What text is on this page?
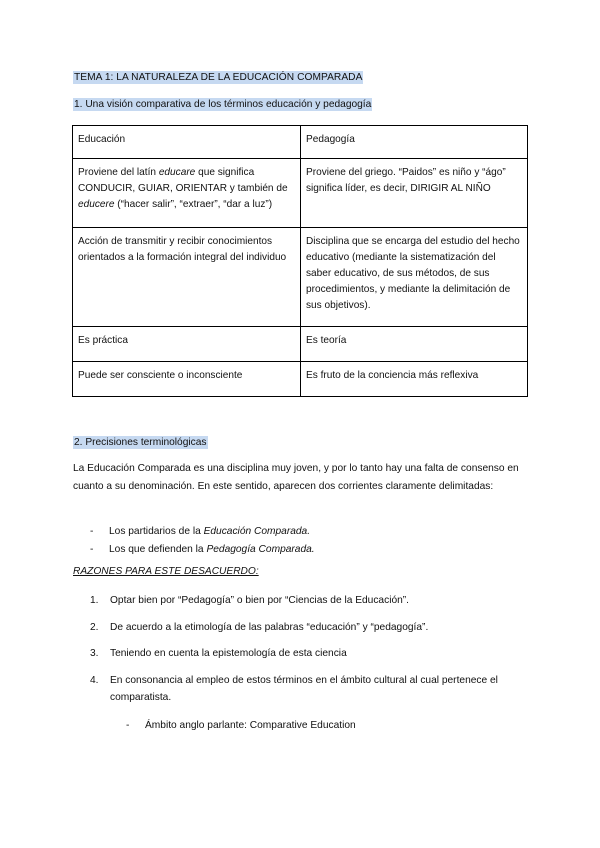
TEMA 1: LA NATURALEZA DE LA EDUCACIÓN COMPARADA
1. Una visión comparativa de los términos educación y pedagogía
Educación	Pedagogía
Proviene del latín educare que significa CONDUCIR, GUIAR, ORIENTAR y también de educere (“hacer salir”, “extraer”, “dar a luz”)	Proviene del griego. “Paidos” es niño y “ágo” significa líder, es decir, DIRIGIR AL NIÑO
Acción de transmitir y recibir conocimientos orientados a la formación integral del individuo	Disciplina que se encarga del estudio del hecho educativo (mediante la sistematización del saber educativo, de sus métodos, de sus procedimientos, y mediante la delimitación de sus objetivos).
Es práctica	Es teoría
Puede ser consciente o inconsciente	Es fruto de la conciencia más reflexiva
2. Precisiones terminológicas
La Educación Comparada es una disciplina muy joven, y por lo tanto hay una falta de consenso en cuanto a su denominación. En este sentido, aparecen dos corrientes claramente delimitadas:
- Los partidarios de la Educación Comparada.
- Los que defienden la Pedagogía Comparada.
RAZONES PARA ESTE DESACUERDO:
1. Optar bien por “Pedagogía” o bien por “Ciencias de la Educación”.
2. De acuerdo a la etimología de las palabras “educación” y “pedagogía”.
3. Teniendo en cuenta la epistemología de esta ciencia
4. En consonancia al empleo de estos términos en el ámbito cultural al cual pertenece el comparatista.
- Ámbito anglo parlante: Comparative Education
